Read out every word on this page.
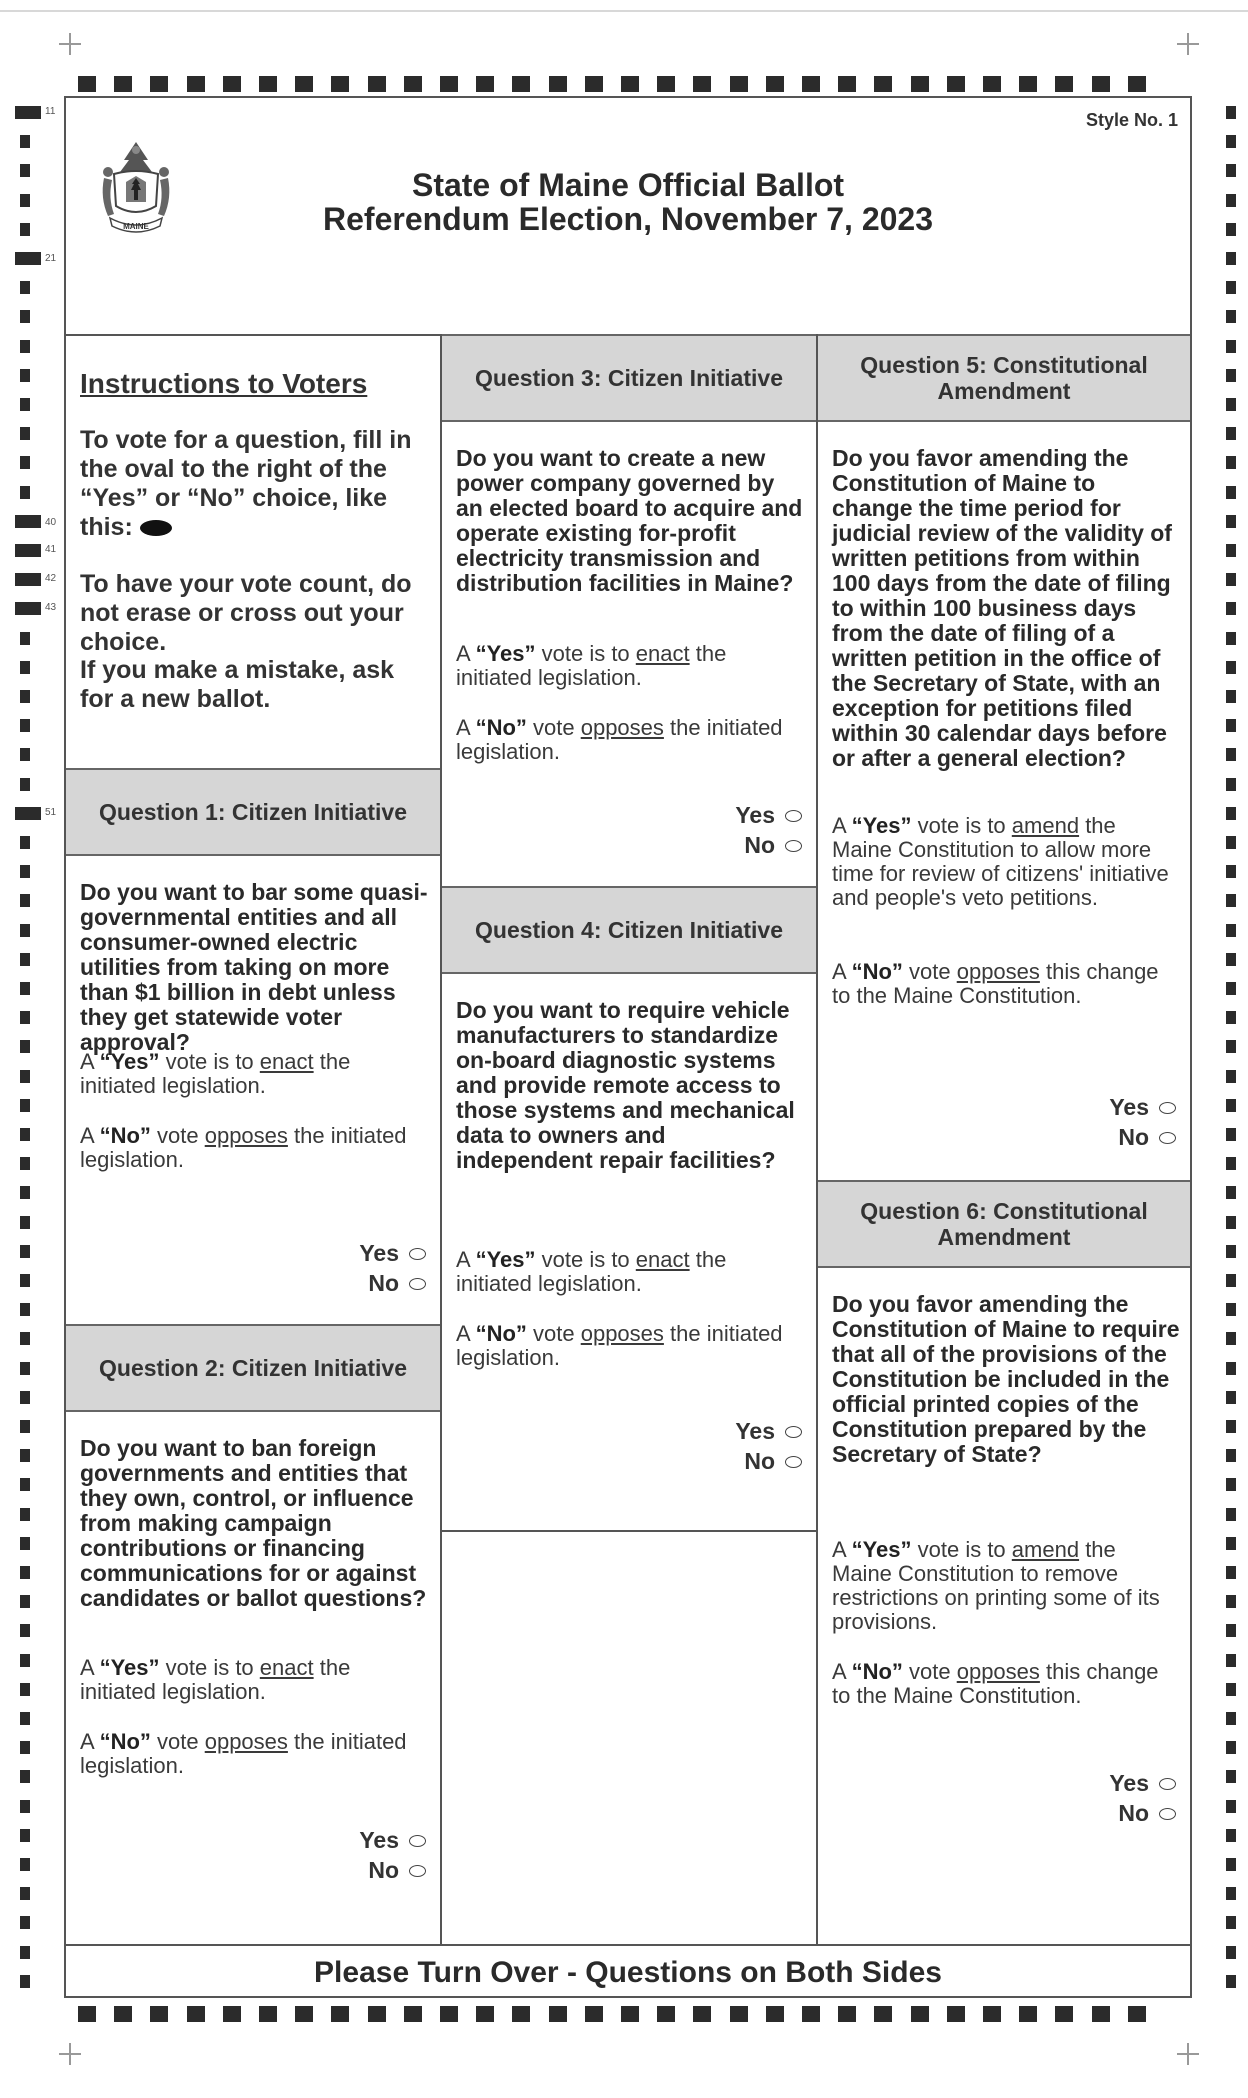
11
21
40
41
42
43
51
Style No. 1
MAINE
State of Maine Official Ballot
Referendum Election, November 7, 2023
Instructions to Voters
To vote for a question, fill in the oval to the right of the “Yes” or “No” choice, like this:
To have your vote count, do not erase or cross out your choice.
If you make a mistake, ask for a new ballot.
Question 1: Citizen Initiative
Do you want to bar some quasi-governmental entities and all consumer-owned electric utilities from taking on more than $1 billion in debt unless they get statewide voter approval?
A “Yes” vote is to enact the initiated legislation.
A “No” vote opposes the initiated legislation.
Yes
No
Question 2: Citizen Initiative
Do you want to ban foreign governments and entities that they own, control, or influence from making campaign contributions or financing communications for or against candidates or ballot questions?
A “Yes” vote is to enact the initiated legislation.
A “No” vote opposes the initiated legislation.
Yes
No
Question 3: Citizen Initiative
Do you want to create a new power company governed by an elected board to acquire and operate existing for-profit electricity transmission and distribution facilities in Maine?
A “Yes” vote is to enact the initiated legislation.
A “No” vote opposes the initiated legislation.
Yes
No
Question 4: Citizen Initiative
Do you want to require vehicle manufacturers to standardize on-board diagnostic systems and provide remote access to those systems and mechanical data to owners and independent repair facilities?
A “Yes” vote is to enact the initiated legislation.
A “No” vote opposes the initiated legislation.
Yes
No
Question 5: Constitutional Amendment
Do you favor amending the Constitution of Maine to change the time period for judicial review of the validity of written petitions from within 100 days from the date of filing to within 100 business days from the date of filing of a written petition in the office of the Secretary of State, with an exception for petitions filed within 30 calendar days before or after a general election?
A “Yes” vote is to amend the Maine Constitution to allow more time for review of citizens' initiative and people's veto petitions.
A “No” vote opposes this change to the Maine Constitution.
Yes
No
Question 6: Constitutional Amendment
Do you favor amending the Constitution of Maine to require that all of the provisions of the Constitution be included in the official printed copies of the Constitution prepared by the Secretary of State?
A “Yes” vote is to amend the Maine Constitution to remove restrictions on printing some of its provisions.
A “No” vote opposes this change to the Maine Constitution.
Yes
No
Please Turn Over - Questions on Both Sides
